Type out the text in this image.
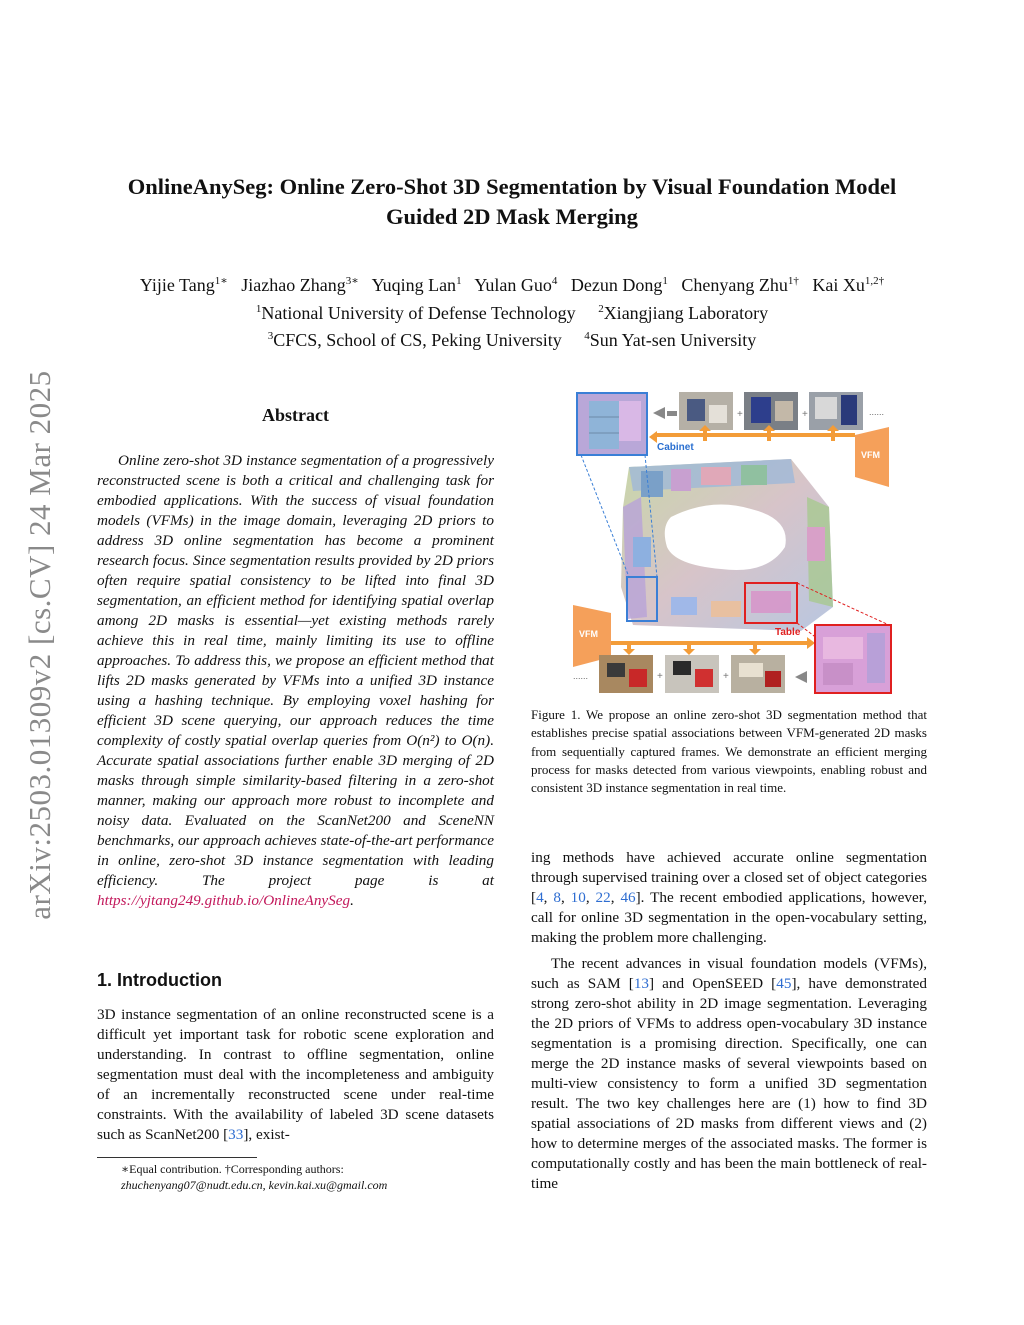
arXiv:2503.01309v2 [cs.CV] 24 Mar 2025
OnlineAnySeg: Online Zero-Shot 3D Segmentation by Visual Foundation Model
Guided 2D Mask Merging
Yijie Tang$^{1∗}$ Jiazhao Zhang$^{3∗}$ Yuqing Lan$^1$ Yulan Guo$^4$ Dezun Dong$^1$ Chenyang Zhu$^{1\dagger}$ Kai $Xu^{1,2\dagger}$
$^1$National University of Defense Technology $^2$Xiangjiang Laboratory
$^3$CFCS, School of CS, Peking University $^4$Sun Yat-sen University
Abstract
Online zero-shot 3D instance segmentation of a progressively reconstructed scene is both a critical and challenging task for embodied applications. With the success of visual foundation models (VFMs) in the image domain, leveraging 2D priors to address 3D online segmentation has become a prominent research focus. Since segmentation results provided by 2D priors often require spatial consistency to be lifted into final 3D segmentation, an efficient method for identifying spatial overlap among 2D masks is essential—yet existing methods rarely achieve this in real time, mainly limiting its use to offline approaches. To address this, we propose an efficient method that lifts 2D masks generated by VFMs into a unified 3D instance using a hashing technique. By employing voxel hashing for efficient 3D scene querying, our approach reduces the time complexity of costly spatial overlap queries from O(n²) to O(n). Accurate spatial associations further enable 3D merging of 2D masks through simple similarity-based filtering in a zero-shot manner, making our approach more robust to incomplete and noisy data. Evaluated on the ScanNet200 and SceneNN benchmarks, our approach achieves state-of-the-art performance in online, zero-shot 3D instance segmentation with leading efficiency. The project page is at https://yjtang249.github.io/OnlineAnySeg.
1. Introduction
3D instance segmentation of an online reconstructed scene is a difficult yet important task for robotic scene exploration and understanding. In contrast to offline segmentation, online segmentation must deal with the incompleteness and ambiguity of an incrementally reconstructed scene under real-time constraints. With the availability of labeled 3D scene datasets such as ScanNet200 [33], exist-
∗Equal contribution. †Corresponding authors:
zhuchenyang07@nudt.edu.cn, kevin.kai.xu@gmail.com
+	+	......
Cabinet
VFM
VFM	Table
......	+	+
Figure 1. We propose an online zero-shot 3D segmentation method that establishes precise spatial associations between VFM-generated 2D masks from sequentially captured frames. We demonstrate an efficient merging process for masks detected from various viewpoints, enabling robust and consistent 3D instance segmentation in real time.
ing methods have achieved accurate online segmentation through supervised training over a closed set of object categories [4, 8, 10, 22, 46]. The recent embodied applications, however, call for online 3D segmentation in the open-vocabulary setting, making the problem more challenging.
The recent advances in visual foundation models (VFMs), such as SAM [13] and OpenSEED [45], have demonstrated strong zero-shot ability in 2D image segmentation. Leveraging the 2D priors of VFMs to address open-vocabulary 3D instance segmentation is a promising direction. Specifically, one can merge the 2D instance masks of several viewpoints based on multi-view consistency to form a unified 3D segmentation result. The two key challenges here are (1) how to find 3D spatial associations of 2D masks from different views and (2) how to determine merges of the associated masks. The former is computationally costly and has been the main bottleneck of real-time
